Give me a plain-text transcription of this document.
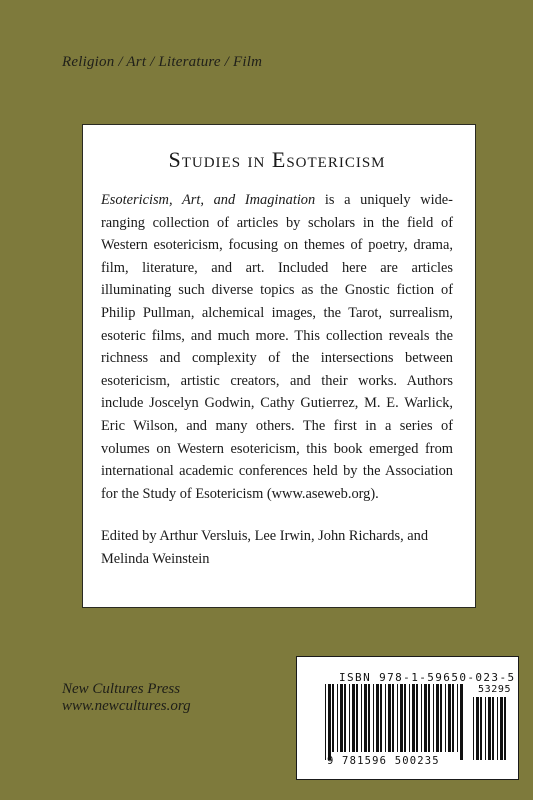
Religion / Art / Literature / Film
Studies in Esotericism
Esotericism, Art, and Imagination is a uniquely wide-ranging collection of articles by scholars in the field of Western esotericism, focusing on themes of poetry, drama, film, literature, and art. Included here are articles illuminating such diverse topics as the Gnostic fiction of Philip Pullman, alchemical images, the Tarot, surrealism, esoteric films, and much more. This collection reveals the richness and complexity of the intersections between esotericism, artistic creators, and their works. Authors include Joscelyn Godwin, Cathy Gutierrez, M. E. Warlick, Eric Wilson, and many others. The first in a series of volumes on Western esotericism, this book emerged from international academic conferences held by the Association for the Study of Esotericism (www.aseweb.org).
Edited by Arthur Versluis, Lee Irwin, John Richards, and Melinda Weinstein
New Cultures Press
www.newcultures.org
ISBN 978-1-59650-023-5
53295
9 781596 500235
